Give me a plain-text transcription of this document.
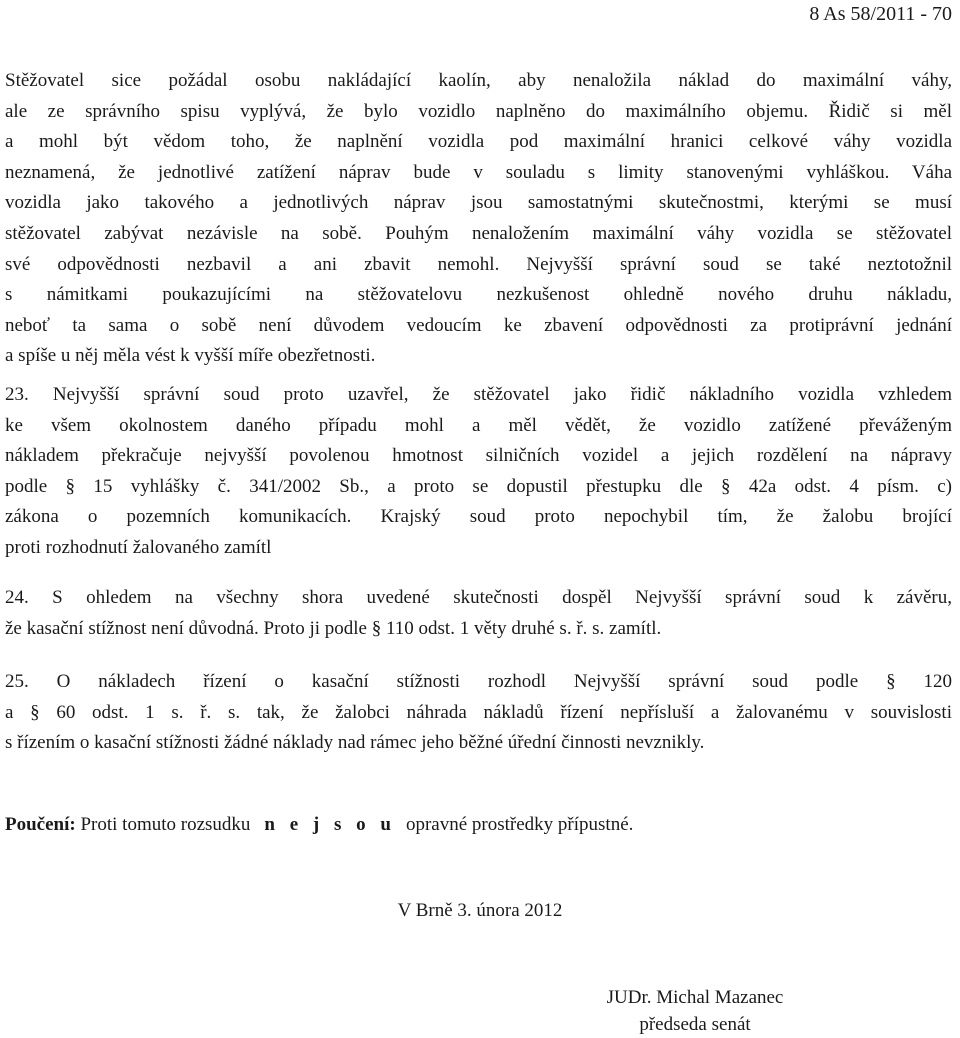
8 As 58/2011 - 70
Stěžovatel sice požádal osobu nakládající kaolín, aby nenaložila náklad do maximální váhy,
ale ze správního spisu vyplývá, že bylo vozidlo naplněno do maximálního objemu. Řidič si měl
a mohl být vědom toho, že naplnění vozidla pod maximální hranici celkové váhy vozidla
neznamená, že jednotlivé zatížení náprav bude v souladu s limity stanovenými vyhláškou. Váha
vozidla jako takového a jednotlivých náprav jsou samostatnými skutečnostmi, kterými se musí
stěžovatel zabývat nezávisle na sobě. Pouhým nenaložením maximální váhy vozidla se stěžovatel
své odpovědnosti nezbavil a ani zbavit nemohl. Nejvyšší správní soud se také neztotožnil
s námitkami poukazujícími na stěžovatelovu nezkušenost ohledně nového druhu nákladu,
neboť ta sama o sobě není důvodem vedoucím ke zbavení odpovědnosti za protiprávní jednání
a spíše u něj měla vést k vyšší míře obezřetnosti.
23. Nejvyšší správní soud proto uzavřel, že stěžovatel jako řidič nákladního vozidla vzhledem
ke všem okolnostem daného případu mohl a měl vědět, že vozidlo zatížené převáženým
nákladem překračuje nejvyšší povolenou hmotnost silničních vozidel a jejich rozdělení na nápravy
podle § 15 vyhlášky č. 341/2002 Sb., a proto se dopustil přestupku dle § 42a odst. 4 písm. c)
zákona o pozemních komunikacích. Krajský soud proto nepochybil tím, že žalobu brojící
proti rozhodnutí žalovaného zamítl
24. S ohledem na všechny shora uvedené skutečnosti dospěl Nejvyšší správní soud k závěru,
že kasační stížnost není důvodná. Proto ji podle § 110 odst. 1 věty druhé s. ř. s. zamítl.
25. O nákladech řízení o kasační stížnosti rozhodl Nejvyšší správní soud podle § 120
a § 60 odst. 1 s. ř. s. tak, že žalobci náhrada nákladů řízení nepřísluší a žalovanému v souvislosti
s řízením o kasační stížnosti žádné náklady nad rámec jeho běžné úřední činnosti nevznikly.
Poučení: Proti tomuto rozsudku n e j s o u opravné prostředky přípustné.
V Brně 3. února 2012
JUDr. Michal Mazanec
předseda senát
